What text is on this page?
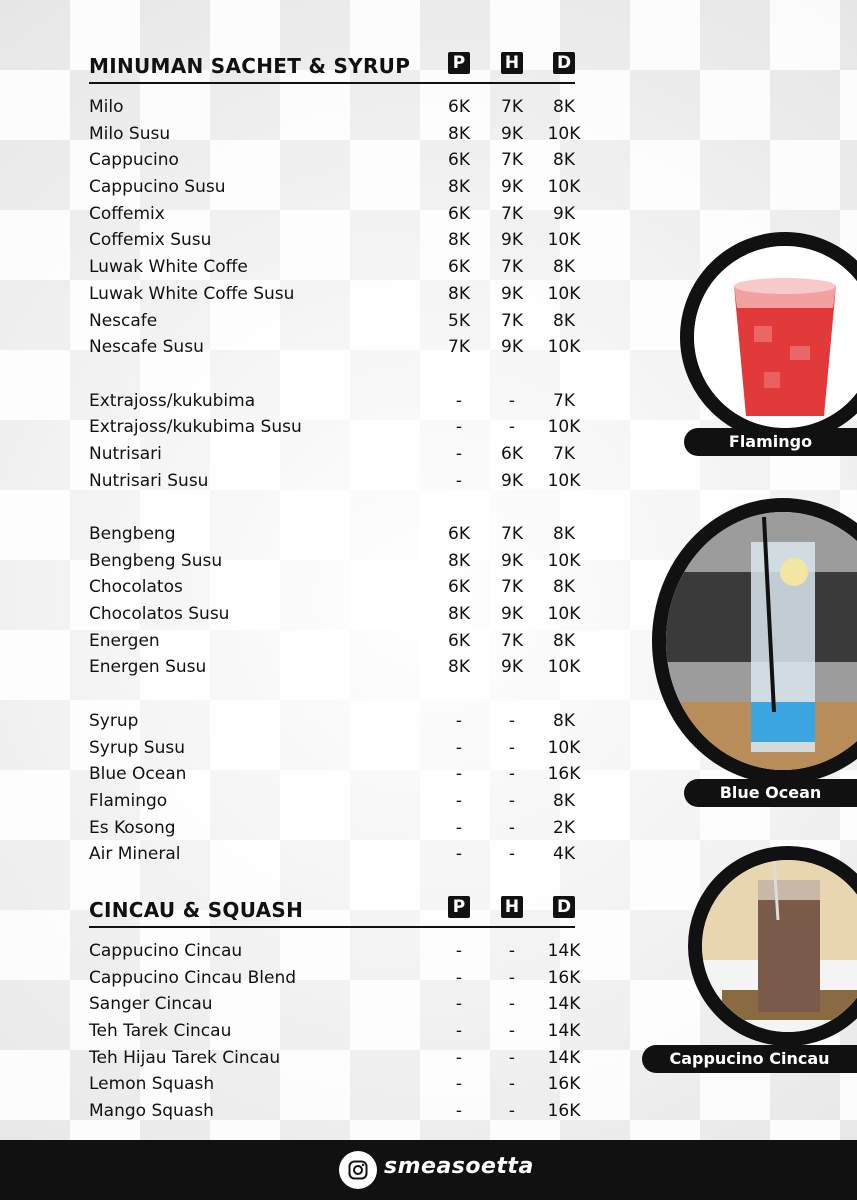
MINUMAN SACHET & SYRUP	P H D
Milo	6K	7K	8K
Milo Susu	8K	9K	10K
Cappucino	6K	7K	8K
Cappucino Susu	8K	9K	10K
Coffemix	6K	7K	9K
Coffemix Susu	8K	9K	10K
Luwak White Coffe	6K	7K	8K
Luwak White Coffe Susu	8K	9K	10K
Nescafe	5K	7K	8K
Nescafe Susu	7K	9K	10K
Extrajoss/kukubima	-	-	7K
Extrajoss/kukubima Susu	-	-	10K
Nutrisari	-	6K	7K
Nutrisari Susu	-	9K	10K
Bengbeng	6K	7K	8K
Bengbeng Susu	8K	9K	10K
Chocolatos	6K	7K	8K
Chocolatos Susu	8K	9K	10K
Energen	6K	7K	8K
Energen Susu	8K	9K	10K
Syrup	-	-	8K
Syrup Susu	-	-	10K
Blue Ocean	-	-	16K
Flamingo	-	-	8K
Es Kosong	-	-	2K
Air Mineral	-	-	4K
CINCAU & SQUASH	P H D
Cappucino Cincau	-	-	14K
Cappucino Cincau Blend	-	-	16K
Sanger Cincau	-	-	14K
Teh Tarek Cincau	-	-	14K
Teh Hijau Tarek Cincau	-	-	14K
Lemon Squash	-	-	16K
Mango Squash	-	-	16K
Flamingo
Blue Ocean
Cappucino Cincau
smeasoetta
